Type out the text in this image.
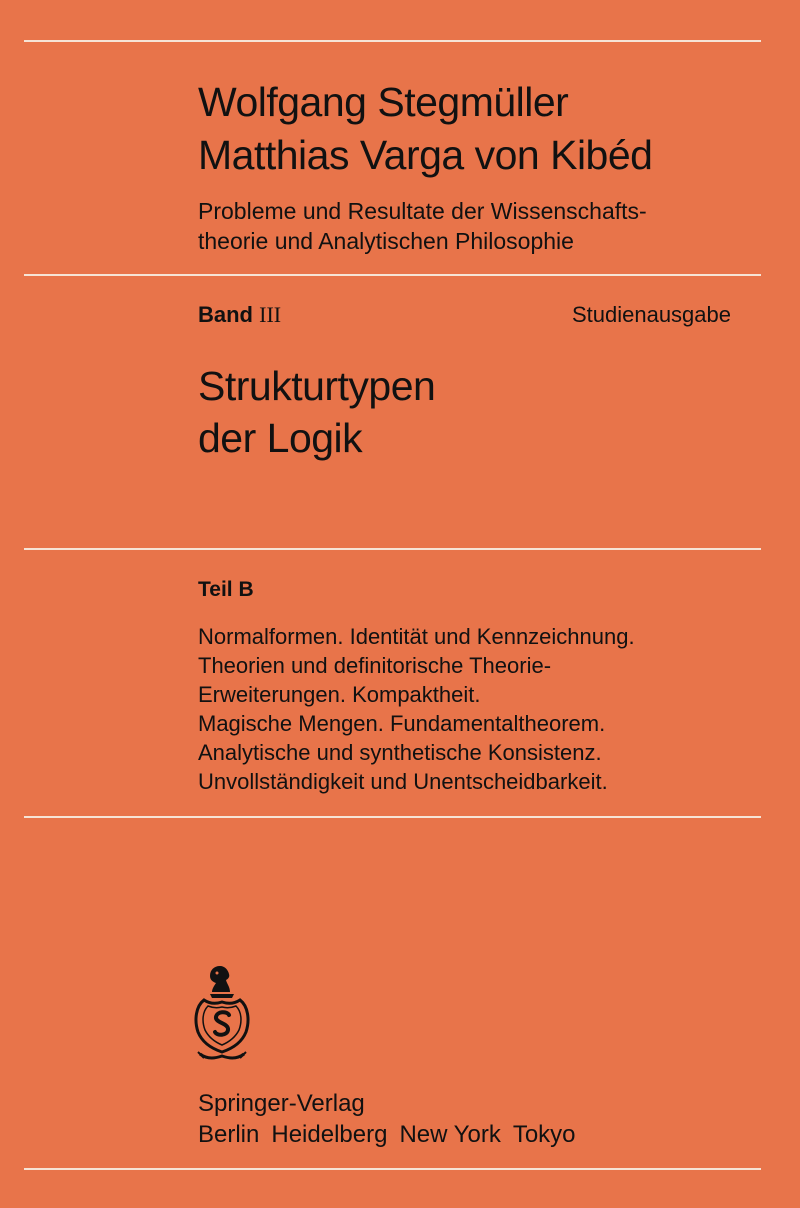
Wolfgang Stegmüller
Matthias Varga von Kibéd
Probleme und Resultate der Wissenschafts-
theorie und Analytischen Philosophie
Band III	Studienausgabe
Strukturtypen
der Logik
Teil B
Normalformen. Identität und Kennzeichnung.
Theorien und definitorische Theorie-
Erweiterungen. Kompaktheit.
Magische Mengen. Fundamentaltheorem.
Analytische und synthetische Konsistenz.
Unvollständigkeit und Unentscheidbarkeit.
Springer-Verlag
Berlin Heidelberg New York Tokyo
